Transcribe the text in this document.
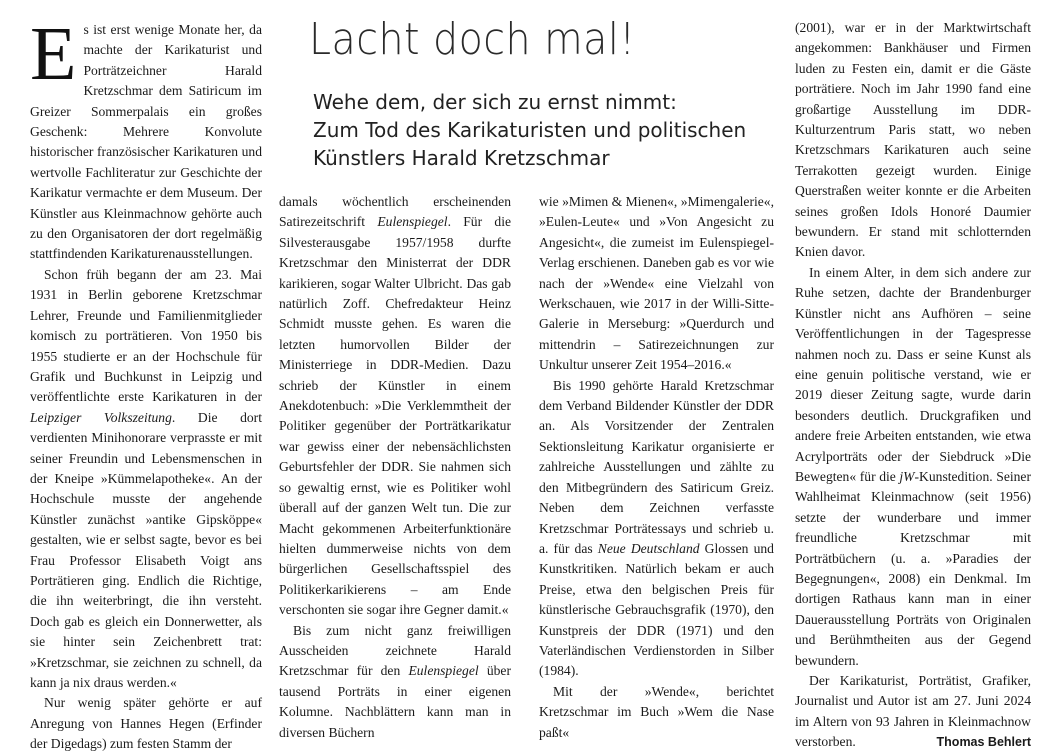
Lacht doch mal!
Wehe dem, der sich zu ernst nimmt:
Zum Tod des Karikaturisten und politischen
Künstlers Harald Kretzschmar

Es ist erst wenige Monate her, da machte der Karikaturist und Porträtzeichner Harald Kretzschmar dem Satiricum im Greizer Sommerpalais ein großes Geschenk: Mehrere Konvolute historischer französischer Karikaturen und wertvolle Fachliteratur zur Geschichte der Karikatur vermachte er dem Museum. Der Künstler aus Kleinmachnow gehörte auch zu den Organisatoren der dort regelmäßig stattfindenden Karikaturenausstellungen.

Schon früh begann der am 23. Mai 1931 in Berlin geborene Kretzschmar Lehrer, Freunde und Familienmitglieder komisch zu porträtieren. Von 1950 bis 1955 studierte er an der Hochschule für Grafik und Buchkunst in Leipzig und veröffentlichte erste Karikaturen in der Leipziger Volkszeitung. Die dort verdienten Minihonorare verprasste er mit seiner Freundin und Lebensmenschen in der Kneipe »Kümmelapotheke«. An der Hochschule musste der angehende Künstler zunächst »antike Gipsköppe« gestalten, wie er selbst sagte, bevor es bei Frau Professor Elisabeth Voigt ans Porträtieren ging. Endlich die Richtige, die ihn weiterbringt, die ihn versteht. Doch gab es gleich ein Donnerwetter, als sie hinter sein Zeichenbrett trat: »Kretzschmar, sie zeichnen zu schnell, da kann ja nix draus werden.«

Nur wenig später gehörte er auf Anregung von Hannes Hegen (Erfinder der Digedags) zum festen Stamm der

damals wöchentlich erscheinenden Satirezeitschrift Eulenspiegel. Für die Silvesterausgabe 1957/1958 durfte Kretzschmar den Ministerrat der DDR karikieren, sogar Walter Ulbricht. Das gab natürlich Zoff. Chefredakteur Heinz Schmidt musste gehen. Es waren die letzten humorvollen Bilder der Ministerriege in DDR-Medien. Dazu schrieb der Künstler in einem Anekdotenbuch: »Die Verklemmtheit der Politiker gegenüber der Porträtkarikatur war gewiss einer der nebensächlichsten Geburtsfehler der DDR. Sie nahmen sich so gewaltig ernst, wie es Politiker wohl überall auf der ganzen Welt tun. Die zur Macht gekommenen Arbeiterfunktionäre hielten dummerweise nichts von dem bürgerlichen Gesellschaftsspiel des Politikerkarikierens – am Ende verschonten sie sogar ihre Gegner damit.«

Bis zum nicht ganz freiwilligen Ausscheiden zeichnete Harald Kretzschmar für den Eulenspiegel über tausend Porträts in einer eigenen Kolumne. Nachblättern kann man in diversen Büchern

wie »Mimen & Mienen«, »Mimengalerie«, »Eulen-Leute« und »Von Angesicht zu Angesicht«, die zumeist im Eulenspiegel-Verlag erschienen. Daneben gab es vor wie nach der »Wende« eine Vielzahl von Werkschauen, wie 2017 in der Willi-Sitte-Galerie in Merseburg: »Querdurch und mittendrin – Satirezeichnungen zur Unkultur unserer Zeit 1954–2016.«

Bis 1990 gehörte Harald Kretzschmar dem Verband Bildender Künstler der DDR an. Als Vorsitzender der Zentralen Sektionsleitung Karikatur organisierte er zahlreiche Ausstellungen und zählte zu den Mitbegründern des Satiricum Greiz. Neben dem Zeichnen verfasste Kretzschmar Porträtessays und schrieb u. a. für das Neue Deutschland Glossen und Kunstkritiken. Natürlich bekam er auch Preise, etwa den belgischen Preis für künstlerische Gebrauchsgrafik (1970), den Kunstpreis der DDR (1971) und den Vaterländischen Verdienstorden in Silber (1984).

Mit der »Wende«, berichtet Kretzschmar im Buch »Wem die Nase paßt«

(2001), war er in der Marktwirtschaft angekommen: Bankhäuser und Firmen luden zu Festen ein, damit er die Gäste porträtiere. Noch im Jahr 1990 fand eine großartige Ausstellung im DDR-Kulturzentrum Paris statt, wo neben Kretzschmars Karikaturen auch seine Terrakotten gezeigt wurden. Einige Querstraßen weiter konnte er die Arbeiten seines großen Idols Honoré Daumier bewundern. Er stand mit schlotternden Knien davor.

In einem Alter, in dem sich andere zur Ruhe setzen, dachte der Brandenburger Künstler nicht ans Aufhören – seine Veröffentlichungen in der Tagespresse nahmen noch zu. Dass er seine Kunst als eine genuin politische verstand, wie er 2019 dieser Zeitung sagte, wurde darin besonders deutlich. Druckgrafiken und andere freie Arbeiten entstanden, wie etwa Acrylporträts oder der Siebdruck »Die Bewegten« für die jW-Kunstedition. Seiner Wahlheimat Kleinmachnow (seit 1956) setzte der wunderbare und immer freundliche Kretzschmar mit Porträtbüchern (u. a. »Paradies der Begegnungen«, 2008) ein Denkmal. Im dortigen Rathaus kann man in einer Dauerausstellung Porträts von Originalen und Berühmtheiten aus der Gegend bewundern.

Der Karikaturist, Porträtist, Grafiker, Journalist und Autor ist am 27. Juni 2024 im Altern von 93 Jahren in Kleinmachnow verstorben.	Thomas Behlert
